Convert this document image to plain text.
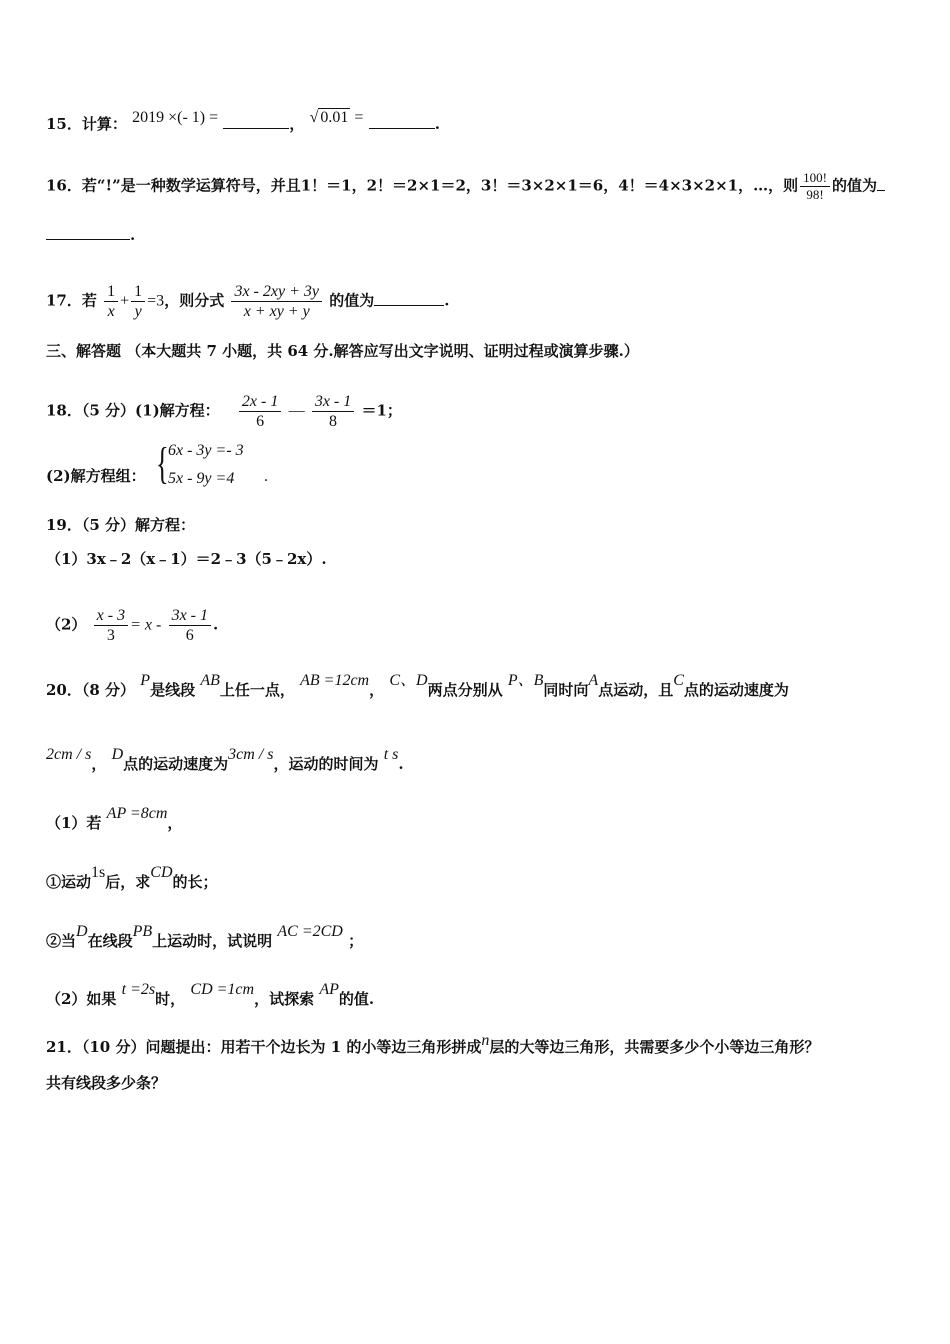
15．计算： 2019 ×(- 1) =	， √ 0.01 =	.
16．若“!”是一种数学运算符号，并且1！＝1，2！＝2×1＝2，3！＝3×2×1＝6，4！＝4×3×2×1，…，则 $\frac{100!}{98!}$ 的值为
.
17．若 $\frac{1}{x} + \frac{1}{y} =3$，则分式 $\frac{3x - 2xy + 3y}{x + xy + y}$ 的值为	.
三、解答题 （本大题共 7 小题，共 64 分.解答应写出文字说明、证明过程或演算步骤.）
18．（5 分）(1)解方程： $\frac{2x - 1}{6}$ — $\frac{3x - 1}{8} =1$；
(2)解方程组： { 6x - 3y =- 3
5x - 9y =4 .
19．（5 分）解方程：
（1）3x﹣2（x﹣1）＝2﹣3（5﹣2x）.
$(2) \frac{x - 3}{3} = x - \frac{3x - 1}{6}$ .
20．（8 分） P是线段 AB上任一点， AB =12cm， C、D两点分别从 P、B同时向A点运动，且C点的运动速度为
2cm / s， D点的运动速度为3cm / s，运动的时间为 t s.
（1）若 AP =8cm，
①运动1s后，求CD的长；
②当D在线段PB上运动时，试说明 AC =2CD ；
（2）如果 t =2s时， CD =1cm，试探索 AP的值.
21．（10 分）问题提出：用若干个边长为 1 的小等边三角形拼成n层的大等边三角形，共需要多少个小等边三角形？
共有线段多少条？
